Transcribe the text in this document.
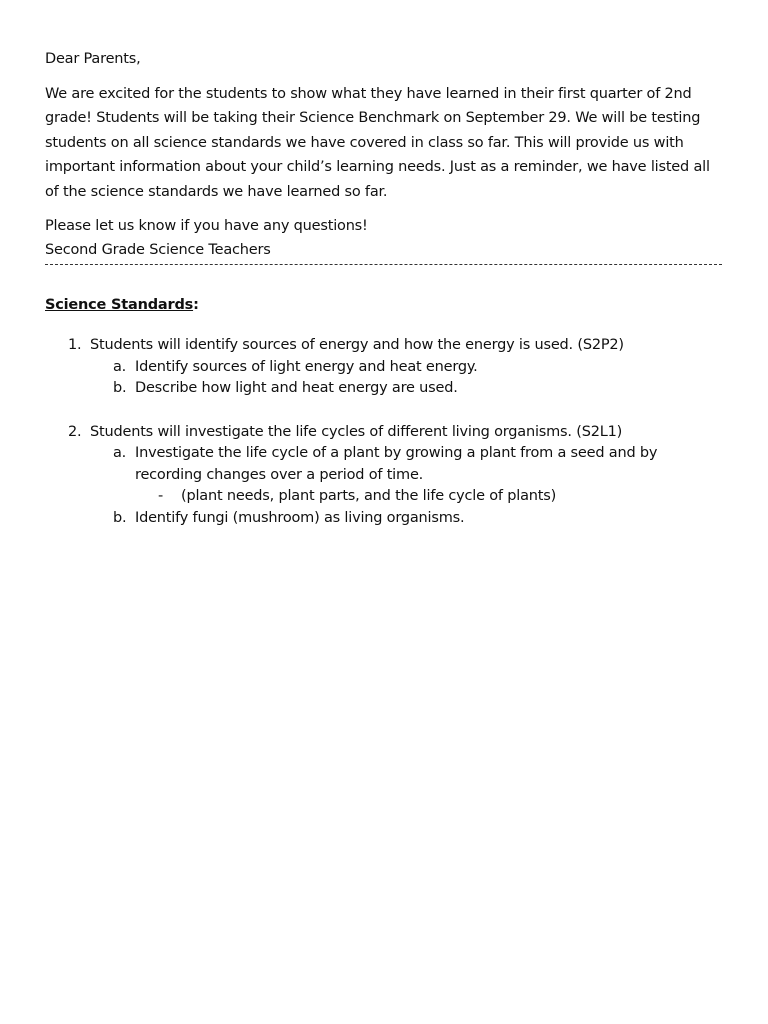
Dear Parents,
We are excited for the students to show what they have learned in their first quarter of 2nd
grade! Students will be taking their Science Benchmark on September 29. We will be testing
students on all science standards we have covered in class so far. This will provide us with
important information about your child’s learning needs. Just as a reminder, we have listed all
of the science standards we have learned so far.
Please let us know if you have any questions!
Second Grade Science Teachers
Science Standards:
1. Students will identify sources of energy and how the energy is used. (S2P2)
a. Identify sources of light energy and heat energy.
b. Describe how light and heat energy are used.
2. Students will investigate the life cycles of different living organisms. (S2L1)
a. Investigate the life cycle of a plant by growing a plant from a seed and by
recording changes over a period of time.
- (plant needs, plant parts, and the life cycle of plants)
b. Identify fungi (mushroom) as living organisms.
